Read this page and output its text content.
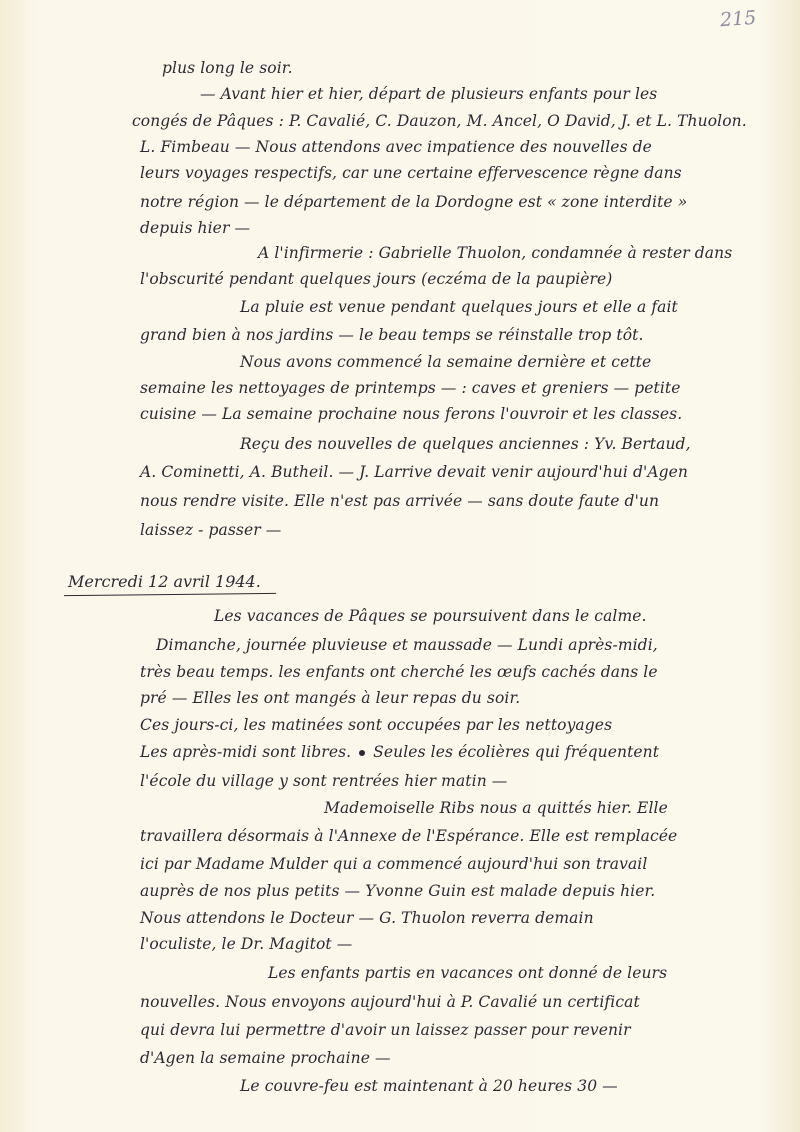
215
plus long le soir.
— Avant hier et hier, départ de plusieurs enfants pour les
congés de Pâques : P. Cavalié, C. Dauzon, M. Ancel, O David, J. et L. Thuolon.
L. Fimbeau — Nous attendons avec impatience des nouvelles de
leurs voyages respectifs, car une certaine effervescence règne dans
notre région — le département de la Dordogne est « zone interdite »
depuis hier —
A l'infirmerie : Gabrielle Thuolon, condamnée à rester dans
l'obscurité pendant quelques jours (eczéma de la paupière)
La pluie est venue pendant quelques jours et elle a fait
grand bien à nos jardins — le beau temps se réinstalle trop tôt.
Nous avons commencé la semaine dernière et cette
semaine les nettoyages de printemps — : caves et greniers — petite
cuisine — La semaine prochaine nous ferons l'ouvroir et les classes.
Reçu des nouvelles de quelques anciennes : Yv. Bertaud,
A. Cominetti, A. Butheil. — J. Larrive devait venir aujourd'hui d'Agen
nous rendre visite. Elle n'est pas arrivée — sans doute faute d'un
laissez - passer —
Mercredi 12 avril 1944.
Les vacances de Pâques se poursuivent dans le calme.
Dimanche, journée pluvieuse et maussade — Lundi après-midi,
très beau temps. les enfants ont cherché les œufs cachés dans le
pré — Elles les ont mangés à leur repas du soir.
Ces jours-ci, les matinées sont occupées par les nettoyages
Les après-midi sont libres. Seules les écolières qui fréquentent
l'école du village y sont rentrées hier matin —
Mademoiselle Ribs nous a quittés hier. Elle
travaillera désormais à l'Annexe de l'Espérance. Elle est remplacée
ici par Madame Mulder qui a commencé aujourd'hui son travail
auprès de nos plus petits — Yvonne Guin est malade depuis hier.
Nous attendons le Docteur — G. Thuolon reverra demain
l'oculiste, le Dr. Magitot —
Les enfants partis en vacances ont donné de leurs
nouvelles. Nous envoyons aujourd'hui à P. Cavalié un certificat
qui devra lui permettre d'avoir un laissez passer pour revenir
d'Agen la semaine prochaine —
Le couvre-feu est maintenant à 20 heures 30 —
